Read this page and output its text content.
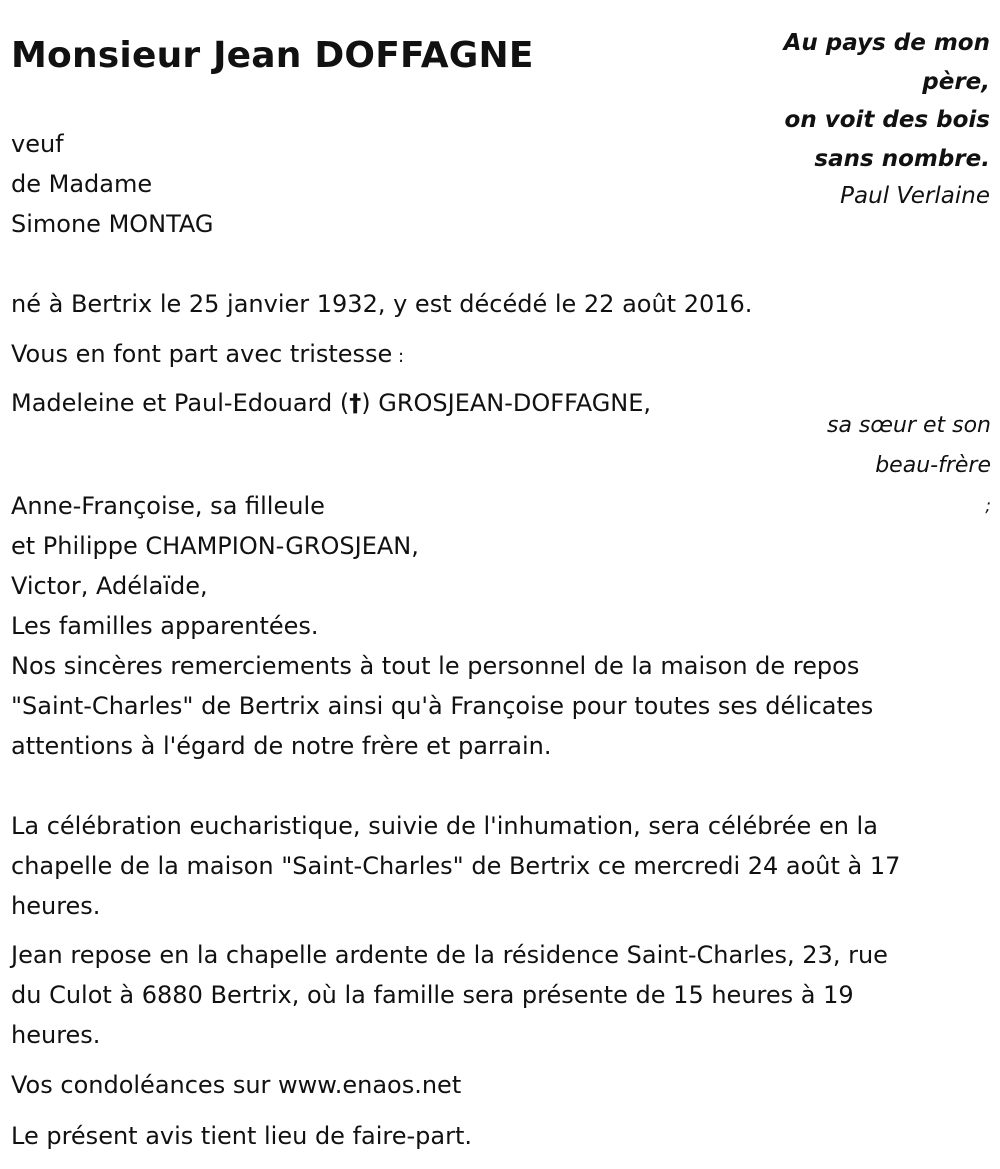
Monsieur Jean DOFFAGNE	Au pays de mon
père,
on voit des bois
sans nombre.
Paul Verlaine
veuf
de Madame
Simone MONTAG
né à Bertrix le 25 janvier 1932, y est décédé le 22 août 2016.
Vous en font part avec tristesse :
Madeleine et Paul-Edouard (†) GROSJEAN-DOFFAGNE,
sa sœur et son
beau-frère
;
Anne-Françoise, sa filleule
et Philippe CHAMPION-GROSJEAN,
Victor, Adélaïde,
Les familles apparentées.
Nos sincères remerciements à tout le personnel de la maison de repos
"Saint-Charles" de Bertrix ainsi qu'à Françoise pour toutes ses délicates
attentions à l'égard de notre frère et parrain.
La célébration eucharistique, suivie de l'inhumation, sera célébrée en la
chapelle de la maison "Saint-Charles" de Bertrix ce mercredi 24 août à 17
heures.
Jean repose en la chapelle ardente de la résidence Saint-Charles, 23, rue
du Culot à 6880 Bertrix, où la famille sera présente de 15 heures à 19
heures.
Vos condoléances sur www.enaos.net
Le présent avis tient lieu de faire-part.
